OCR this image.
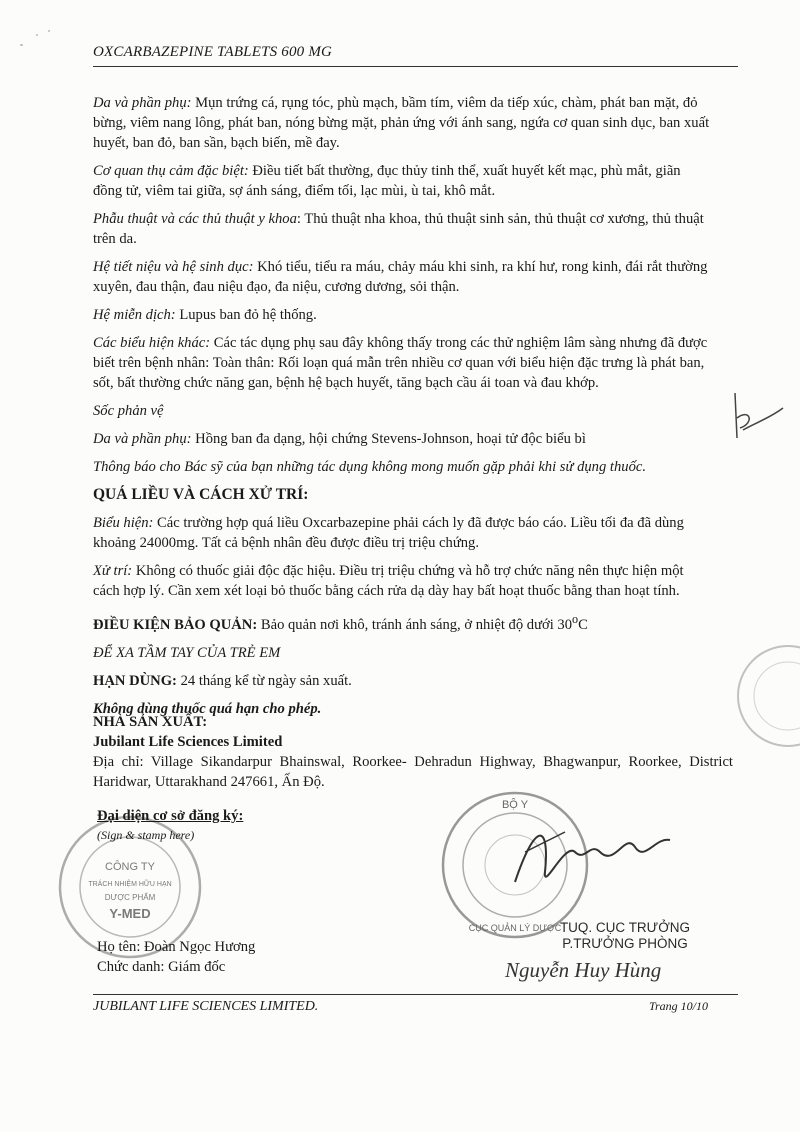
OXCARBAZEPINE TABLETS 600 MG

Da và phần phụ: Mụn trứng cá, rụng tóc, phù mạch, bầm tím, viêm da tiếp xúc, chàm, phát ban mặt, đỏ bừng, viêm nang lông, phát ban, nóng bừng mặt, phản ứng với ánh sang, ngứa cơ quan sinh dục, ban xuất huyết, ban đỏ, ban sần, bạch biến, mề đay.

Cơ quan thụ cảm đặc biệt: Điều tiết bất thường, đục thủy tinh thể, xuất huyết kết mạc, phù mắt, giãn đồng tử, viêm tai giữa, sợ ánh sáng, điểm tối, lạc mùi, ù tai, khô mắt.

Phẫu thuật và các thủ thuật y khoa: Thủ thuật nha khoa, thủ thuật sinh sản, thủ thuật cơ xương, thủ thuật trên da.

Hệ tiết niệu và hệ sinh dục: Khó tiểu, tiểu ra máu, chảy máu khi sinh, ra khí hư, rong kinh, đái rắt thường xuyên, đau thận, đau niệu đạo, đa niệu, cương dương, sỏi thận.

Hệ miễn dịch: Lupus ban đỏ hệ thống.

Các biểu hiện khác: Các tác dụng phụ sau đây không thấy trong các thử nghiệm lâm sàng nhưng đã được biết trên bệnh nhân: Toàn thân: Rối loạn quá mẫn trên nhiều cơ quan với biểu hiện đặc trưng là phát ban, sốt, bất thường chức năng gan, bệnh hệ bạch huyết, tăng bạch cầu ái toan và đau khớp.

Sốc phản vệ

Da và phần phụ: Hồng ban đa dạng, hội chứng Stevens-Johnson, hoại tử độc biểu bì

Thông báo cho Bác sỹ của bạn những tác dụng không mong muốn gặp phải khi sử dụng thuốc.

QUÁ LIỀU VÀ CÁCH XỬ TRÍ:

Biểu hiện: Các trường hợp quá liều Oxcarbazepine phải cách ly đã được báo cáo. Liều tối đa đã dùng khoảng 24000mg. Tất cả bệnh nhân đều được điều trị triệu chứng.

Xử trí: Không có thuốc giải độc đặc hiệu. Điều trị triệu chứng và hỗ trợ chức năng nên thực hiện một cách hợp lý. Cần xem xét loại bỏ thuốc bằng cách rửa dạ dày hay bất hoạt thuốc bằng than hoạt tính.

ĐIỀU KIỆN BẢO QUẢN: Bảo quản nơi khô, tránh ánh sáng, ở nhiệt độ dưới 30$^o$C

ĐỂ XA TẦM TAY CỦA TRẺ EM

HẠN DÙNG: 24 tháng kể từ ngày sản xuất.

Không dùng thuốc quá hạn cho phép.

NHÀ SẢN XUẤT:
Jubilant Life Sciences Limited
Địa chỉ: Village Sikandarpur Bhainswal, Roorkee- Dehradun Highway, Bhagwanpur, Roorkee, District Haridwar, Uttarakhand 247661, Ấn Độ.
CÔNG TY
TRÁCH NHIỆM HỮU HẠN
DƯỢC PHẨM
Y-MED
Đại diện cơ sở đăng ký:
(Sign & stamp here)
Họ tên: Đoàn Ngọc Hương
Chức danh: Giám đốc
BỘ Y
CỤC QUẢN LÝ DƯỢC
TUQ. CỤC TRƯỞNG
P.TRƯỞNG PHÒNG
Nguyễn Huy Hùng
JUBILANT LIFE SCIENCES LIMITED.	Trang 10/10
